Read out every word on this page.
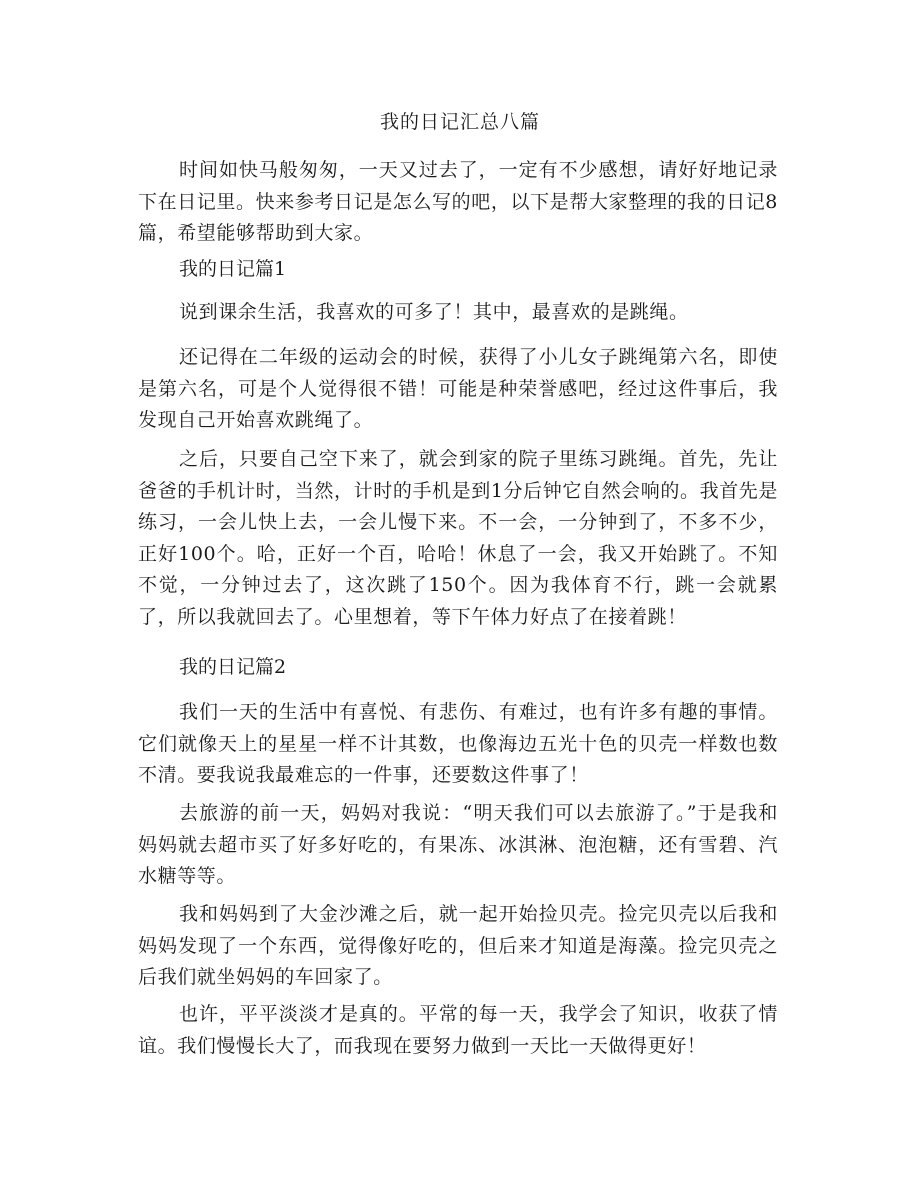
我的日记汇总八篇

时间如快马般匆匆，一天又过去了，一定有不少感想，请好好地记录下在日记里。快来参考日记是怎么写的吧，以下是帮大家整理的我的日记8篇，希望能够帮助到大家。

我的日记篇1

说到课余生活，我喜欢的可多了！其中，最喜欢的是跳绳。

还记得在二年级的运动会的时候，获得了小儿女子跳绳第六名，即使是第六名，可是个人觉得很不错！可能是种荣誉感吧，经过这件事后，我发现自己开始喜欢跳绳了。

之后，只要自己空下来了，就会到家的院子里练习跳绳。首先，先让爸爸的手机计时，当然，计时的手机是到1分后钟它自然会响的。我首先是练习，一会儿快上去，一会儿慢下来。不一会，一分钟到了，不多不少，正好100个。哈，正好一个百，哈哈！休息了一会，我又开始跳了。不知不觉，一分钟过去了，这次跳了150个。因为我体育不行，跳一会就累了，所以我就回去了。心里想着，等下午体力好点了在接着跳！

我的日记篇2

我们一天的生活中有喜悦、有悲伤、有难过，也有许多有趣的事情。它们就像天上的星星一样不计其数，也像海边五光十色的贝壳一样数也数不清。要我说我最难忘的一件事，还要数这件事了！

去旅游的前一天，妈妈对我说：“明天我们可以去旅游了。”于是我和妈妈就去超市买了好多好吃的，有果冻、冰淇淋、泡泡糖，还有雪碧、汽水糖等等。

我和妈妈到了大金沙滩之后，就一起开始捡贝壳。捡完贝壳以后我和妈妈发现了一个东西，觉得像好吃的，但后来才知道是海藻。捡完贝壳之后我们就坐妈妈的车回家了。

也许，平平淡淡才是真的。平常的每一天，我学会了知识，收获了情谊。我们慢慢长大了，而我现在要努力做到一天比一天做得更好！
